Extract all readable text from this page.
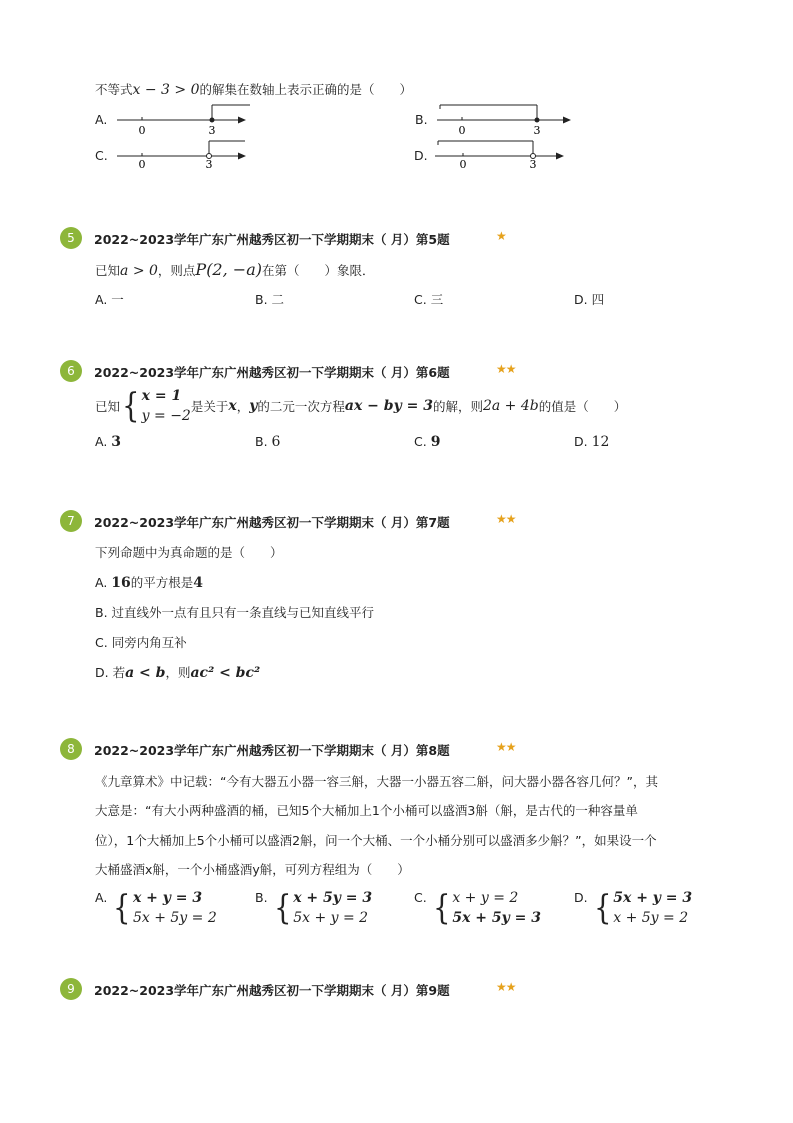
不等式x − 3 > 0的解集在数轴上表示正确的是（　　）
A.
0	3
B.
0	3
C.
0	3
D.
0	3
5	2022~2023学年广东广州越秀区初一下学期期末（ 月）第5题	★
已知a > 0，则点P(2, −a)在第（　　）象限．
A. 一	B. 二	C. 三	D. 四
6	2022~2023学年广东广州越秀区初一下学期期末（ 月）第6题	★★
已知{ x = 1
y = −2
是关于x，y的二元一次方程ax − by = 3的解，则2a + 4b的值是（　　）
A. 3	B. 6	C. 9	D. 12
7	2022~2023学年广东广州越秀区初一下学期期末（ 月）第7题	★★
下列命题中为真命题的是（　　）
A. 16的平方根是4
B. 过直线外一点有且只有一条直线与已知直线平行
C. 同旁内角互补
D. 若a < b，则ac² < bc²
8	2022~2023学年广东广州越秀区初一下学期期末（ 月）第8题	★★
《九章算术》中记载：“今有大器五小器一容三斛，大器一小器五容二斛，问大器小器各容几何？”，其
大意是：“有大小两种盛酒的桶，已知5个大桶加上1个小桶可以盛酒3斛（斛，是古代的一种容量单
位），1个大桶加上5个小桶可以盛酒2斛，问一个大桶、一个小桶分别可以盛酒多少斛？”，如果设一个
大桶盛酒x斛，一个小桶盛酒y斛，可列方程组为（　　）
A. { x + y = 3
5x + 5y = 2
B. { x + 5y = 3
5x + y = 2
C. { x + y = 2
5x + 5y = 3
D. { 5x + y = 3
x + 5y = 2
9	2022~2023学年广东广州越秀区初一下学期期末（ 月）第9题	★★
